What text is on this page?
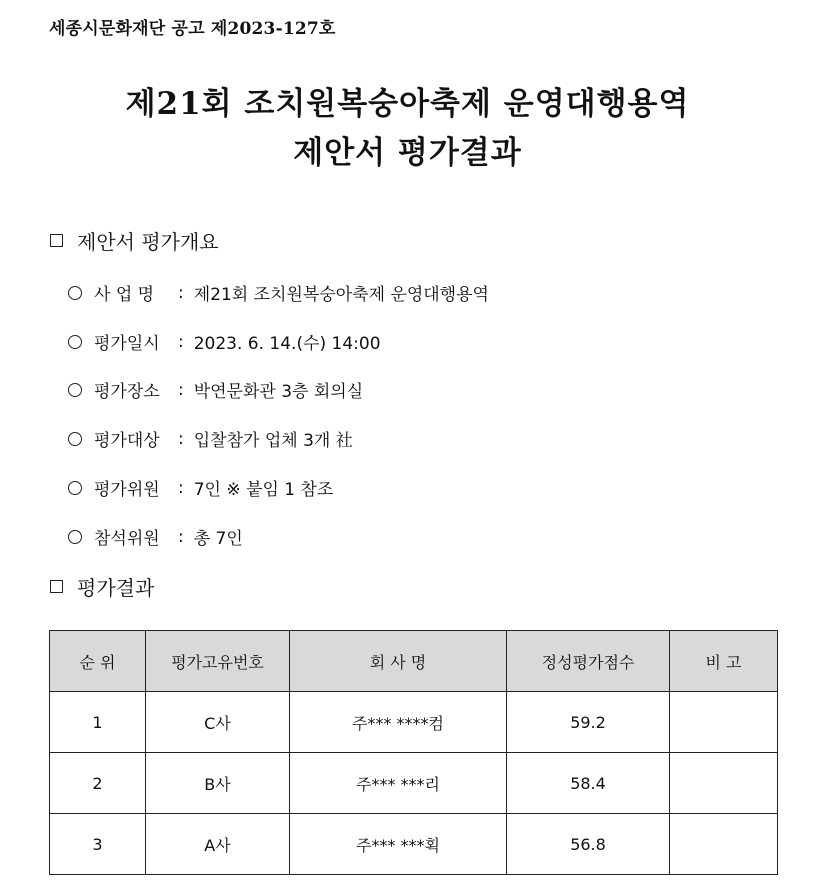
세종시문화재단 공고 제2023-127호
제21회 조치원복숭아축제 운영대행용역
제안서 평가결과
제안서 평가개요
사 업 명	: 제21회 조치원복숭아축제 운영대행용역
평가일시	: 2023. 6. 14.(수) 14:00
평가장소	: 박연문화관 3층 회의실
평가대상	: 입찰참가 업체 3개 社
평가위원	: 7인 ※ 붙임 1 참조
참석위원	: 총 7인
평가결과
순 위	평가고유번호	회 사 명	정성평가점수	비 고
1	C사	주*** ****컴	59.2	
2	B사	주*** ***리	58.4	
3	A사	주*** ***획	56.8	
